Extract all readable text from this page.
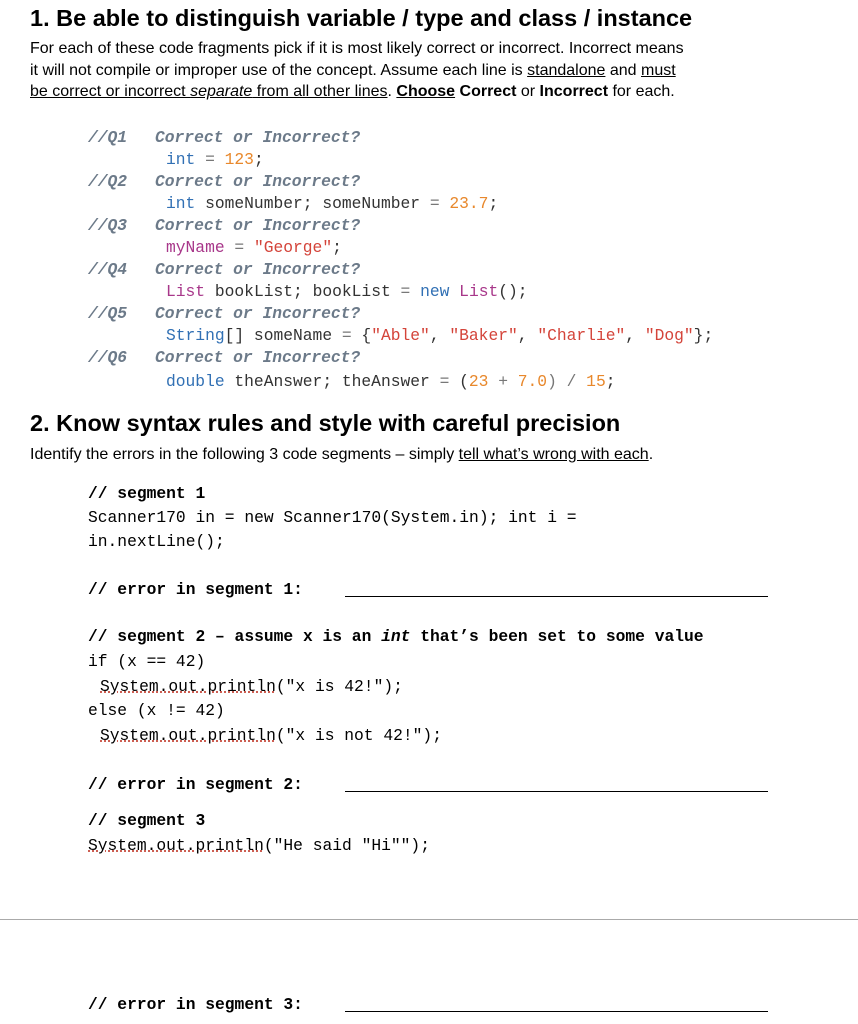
1. Be able to distinguish variable / type and class / instance

For each of these code fragments pick if it is most likely correct or incorrect. Incorrect means

it will not compile or improper use of the concept. Assume each line is standalone and must

be correct or incorrect separate from all other lines. Choose Correct or Incorrect for each.

//Q1 Correct or Incorrect?
int = 123;
//Q2 Correct or Incorrect?
int someNumber; someNumber = 23.7;
//Q3 Correct or Incorrect?
myName = "George";
//Q4 Correct or Incorrect?
List bookList; bookList = new List();
//Q5 Correct or Incorrect?
String[] someName = {"Able", "Baker", "Charlie", "Dog"};
//Q6 Correct or Incorrect?
double theAnswer; theAnswer = (23 + 7.0) / 15;
2. Know syntax rules and style with careful precision

Identify the errors in the following 3 code segments – simply tell what’s wrong with each.

// segment 1
Scanner170 in = new Scanner170(System.in); int i =
in.nextLine();
// error in segment 1:
// segment 2 – assume x is an int that’s been set to some value
if (x == 42)
System.out.println("x is 42!");
else (x != 42)
System.out.println("x is not 42!");
// error in segment 2:
// segment 3
System.out.println("He said "Hi"");
// error in segment 3:
